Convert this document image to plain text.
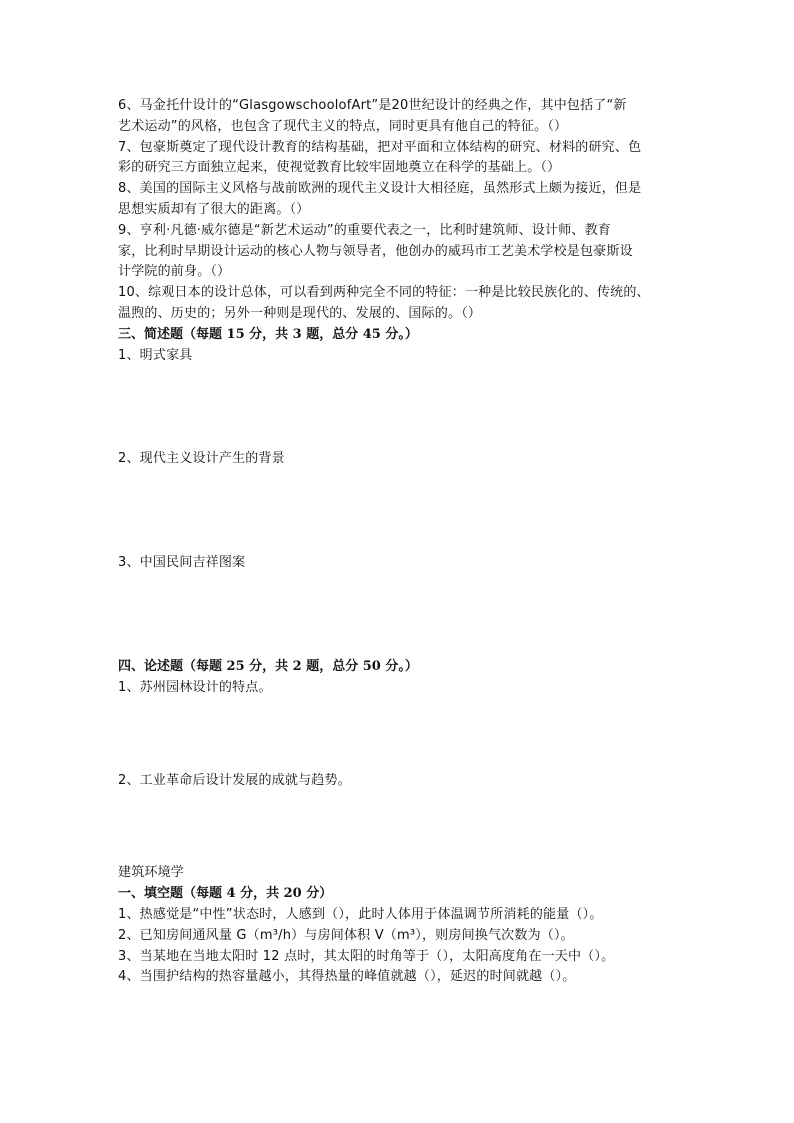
6、马金托什设计的“GlasgowschoolofArt”是20世纪设计的经典之作，其中包括了“新

艺术运动”的风格，也包含了现代主义的特点，同时更具有他自己的特征。（）

7、包豪斯奠定了现代设计教育的结构基础，把对平面和立体结构的研究、材料的研究、色

彩的研究三方面独立起来，使视觉教育比较牢固地奠立在科学的基础上。（）

8、美国的国际主义风格与战前欧洲的现代主义设计大相径庭，虽然形式上颇为接近，但是

思想实质却有了很大的距离。（）

9、亨利·凡德·威尔德是“新艺术运动”的重要代表之一，比利时建筑师、设计师、教育

家，比利时早期设计运动的核心人物与领导者，他创办的威玛市工艺美术学校是包豪斯设

计学院的前身。（）

10、综观日本的设计总体，可以看到两种完全不同的特征：一种是比较民族化的、传统的、

温煦的、历史的；另外一种则是现代的、发展的、国际的。（）

三、简述题（每题 15 分，共 3 题，总分 45 分。）

1、明式家具

2、现代主义设计产生的背景

3、中国民间吉祥图案

四、论述题（每题 25 分，共 2 题，总分 50 分。）

1、苏州园林设计的特点。

2、工业革命后设计发展的成就与趋势。

建筑环境学

一、填空题（每题 4 分，共 20 分）

1、热感觉是“中性”状态时，人感到（），此时人体用于体温调节所消耗的能量（）。

2、已知房间通风量 G（m³/h）与房间体积 V（m³），则房间换气次数为（）。

3、当某地在当地太阳时 12 点时，其太阳的时角等于（），太阳高度角在一天中（）。

4、当围护结构的热容量越小，其得热量的峰值就越（），延迟的时间就越（）。
